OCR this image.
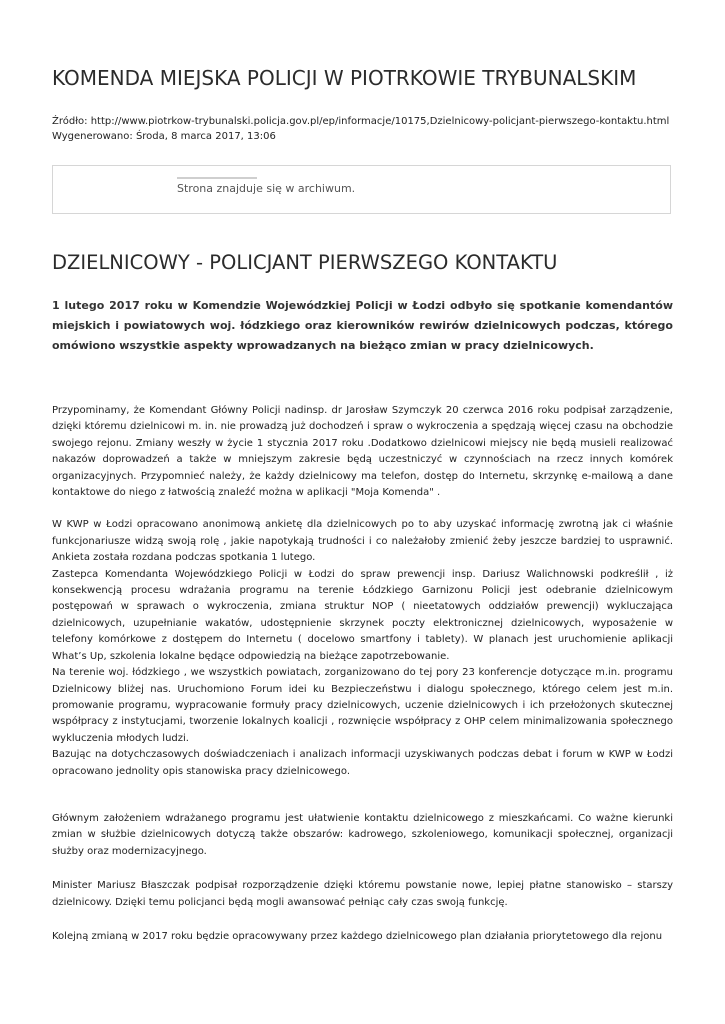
KOMENDA MIEJSKA POLICJI W PIOTRKOWIE TRYBUNALSKIM
Źródło: http://www.piotrkow-trybunalski.policja.gov.pl/ep/informacje/10175,Dzielnicowy-policjant-pierwszego-kontaktu.html
Wygenerowano: Środa, 8 marca 2017, 13:06
Strona znajduje się w archiwum.
DZIELNICOWY - POLICJANT PIERWSZEGO KONTAKTU

1 lutego 2017 roku w Komendzie Wojewódzkiej Policji w Łodzi odbyło się spotkanie komendantów miejskich i powiatowych woj. łódzkiego oraz kierowników rewirów dzielnicowych podczas, którego omówiono wszystkie aspekty wprowadzanych na bieżąco zmian w pracy dzielnicowych.

Przypominamy, że Komendant Główny Policji nadinsp. dr Jarosław Szymczyk 20 czerwca 2016 roku podpisał zarządzenie, dzięki któremu dzielnicowi m. in. nie prowadzą już dochodzeń i spraw o wykroczenia a spędzają więcej czasu na obchodzie swojego rejonu. Zmiany weszły w życie 1 stycznia 2017 roku .Dodatkowo dzielnicowi miejscy nie będą musieli realizować nakazów doprowadzeń a także w mniejszym zakresie będą uczestniczyć w czynnościach na rzecz innych komórek organizacyjnych. Przypomnieć należy, że każdy dzielnicowy ma telefon, dostęp do Internetu, skrzynkę e-mailową a dane kontaktowe do niego z łatwością znaleźć można w aplikacji "Moja Komenda" .

W KWP w Łodzi opracowano anonimową ankietę dla dzielnicowych po to aby uzyskać informację zwrotną jak ci właśnie funkcjonariusze widzą swoją rolę , jakie napotykają trudności i co należałoby zmienić żeby jeszcze bardziej to usprawnić. Ankieta została rozdana podczas spotkania 1 lutego.

Zastepca Komendanta Wojewódzkiego Policji w Łodzi do spraw prewencji insp. Dariusz Walichnowski podkreślił , iż konsekwencją procesu wdrażania programu na terenie Łódzkiego Garnizonu Policji jest odebranie dzielnicowym postępowań w sprawach o wykroczenia, zmiana struktur NOP ( nieetatowych oddziałów prewencji) wykluczająca dzielnicowych, uzupełnianie wakatów, udostępnienie skrzynek poczty elektronicznej dzielnicowych, wyposażenie w telefony komórkowe z dostępem do Internetu ( docelowo smartfony i tablety). W planach jest uruchomienie aplikacji What’s Up, szkolenia lokalne będące odpowiedzią na bieżące zapotrzebowanie.

Na terenie woj. łódzkiego , we wszystkich powiatach, zorganizowano do tej pory 23 konferencje dotyczące m.in. programu Dzielnicowy bliżej nas. Uruchomiono Forum idei ku Bezpieczeństwu i dialogu społecznego, którego celem jest m.in. promowanie programu, wypracowanie formuły pracy dzielnicowych, uczenie dzielnicowych i ich przełożonych skutecznej współpracy z instytucjami, tworzenie lokalnych koalicji , rozwnięcie współpracy z OHP celem minimalizowania społecznego wykluczenia młodych ludzi.

Bazując na dotychczasowych doświadczeniach i analizach informacji uzyskiwanych podczas debat i forum w KWP w Łodzi opracowano jednolity opis stanowiska pracy dzielnicowego.

Głównym założeniem wdrażanego programu jest ułatwienie kontaktu dzielnicowego z mieszkańcami. Co ważne kierunki zmian w służbie dzielnicowych dotyczą także obszarów: kadrowego, szkoleniowego, komunikacji społecznej, organizacji służby oraz modernizacyjnego.

Minister Mariusz Błaszczak podpisał rozporządzenie dzięki któremu powstanie nowe, lepiej płatne stanowisko – starszy dzielnicowy. Dzięki temu policjanci będą mogli awansować pełniąc cały czas swoją funkcję.

Kolejną zmianą w 2017 roku będzie opracowywany przez każdego dzielnicowego plan działania priorytetowego dla rejonu
